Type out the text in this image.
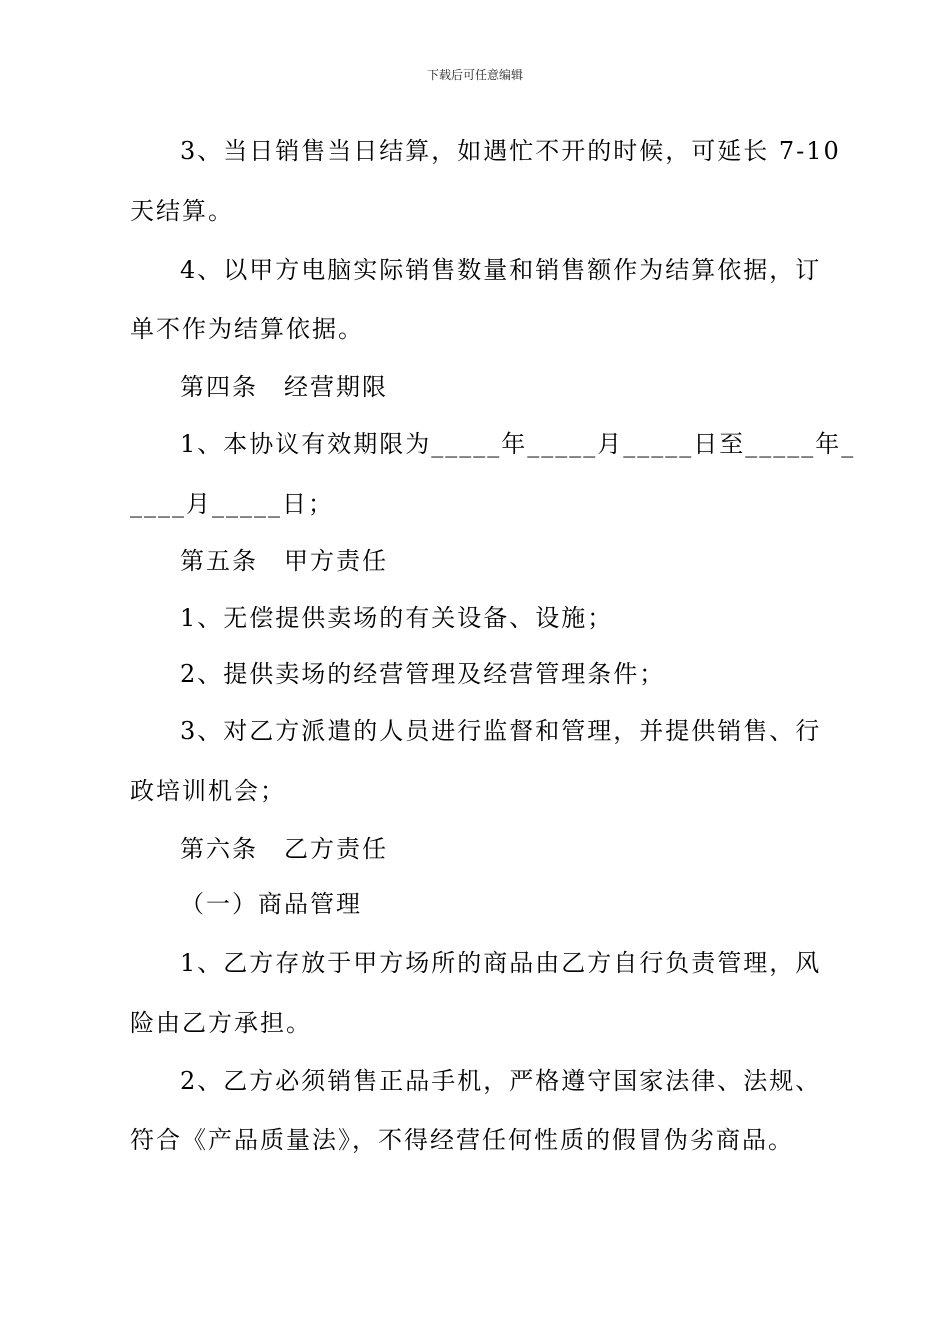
下载后可任意编辑
3、当日销售当日结算，如遇忙不开的时候，可延长 7-10
天结算。
4、以甲方电脑实际销售数量和销售额作为结算依据，订
单不作为结算依据。
第四条　经营期限
1、本协议有效期限为_____年_____月_____日至_____年_
____月_____日；
第五条　甲方责任
1、无偿提供卖场的有关设备、设施；
2、提供卖场的经营管理及经营管理条件；
3、对乙方派遣的人员进行监督和管理，并提供销售、行
政培训机会；
第六条　乙方责任
（一）商品管理
1、乙方存放于甲方场所的商品由乙方自行负责管理，风
险由乙方承担。
2、乙方必须销售正品手机，严格遵守国家法律、法规、
符合《产品质量法》，不得经营任何性质的假冒伪劣商品。
